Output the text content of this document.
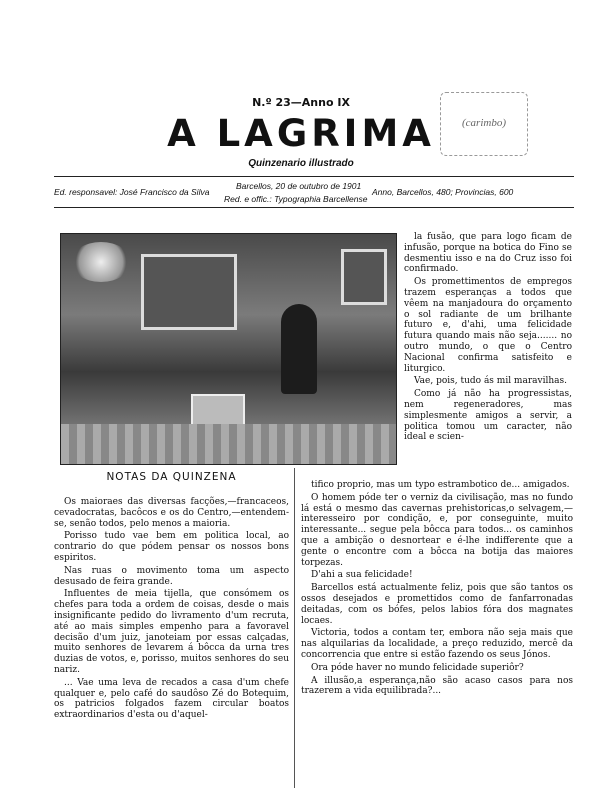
(carimbo)
N.º 23—Anno IX
A LAGRIMA
Quinzenario illustrado
Ed. responsavel: José Francisco da Silva
Barcellos, 20 de outubro de 1901
Red. e offic.: Typographia Barcellense
Anno, Barcellos, 480; Provincias, 600

la fusão, que para logo ficam de infusão, porque na botica do Fino se desmentiu isso e na do Cruz isso foi confirmado.

Os promettimentos de empregos trazem esperanças a todos que vêem na manjadoura do orçamento o sol radiante de um brilhante futuro e, d'ahi, uma felicidade futura quando mais não seja....... no outro mundo, o que o Centro Nacional confirma satisfeito e liturgico.

Vae, pois, tudo ás mil maravilhas.

Como já não ha progressistas, nem regeneradores, mas simplesmente amigos a servir, a politica tomou um caracter, não ideal e scien-

NOTAS DA QUINZENA

Os maioraes das diversas facções,—francaceos, cevadocratas, bacôcos e os do Centro,—entendem-se, senão todos, pelo menos a maioria.

Porisso tudo vae bem em politica local, ao contrario do que pódem pensar os nossos bons espiritos.

Nas ruas o movimento toma um aspecto desusado de feira grande.

Influentes de meia tijella, que consómem os chefes para toda a ordem de coisas, desde o mais insignificante pedido do livramento d'um recruta, até ao mais simples empenho para a favoravel decisão d'um juiz, janoteiam por essas calçadas, muito senhores de levarem á bôcca da urna tres duzias de votos, e, porisso, muitos senhores do seu nariz.

... Vae uma leva de recados a casa d'um chefe qualquer e, pelo café do saudôso Zé do Botequim, os patricios folgados fazem circular boatos extraordinarios d'esta ou d'aquel-

tifico proprio, mas um typo estrambotico de... amigados.

O homem póde ter o verniz da civilisação, mas no fundo lá está o mesmo das cavernas prehistoricas,o selvagem,—interesseiro por condição, e, por conseguinte, muito interessante... segue pela bôcca para todos... os caminhos que a ambição o desnortear e é-lhe indifferente que a gente o encontre com a bôcca na botija das maiores torpezas.

D'ahi a sua felicidade!

Barcellos está actualmente feliz, pois que são tantos os ossos desejados e promettidos como de fanfarronadas deitadas, com os bófes, pelos labios fóra dos magnates locaes.

Victoria, todos a contam ter, embora não seja mais que nas alquilarias da localidade, a preço reduzido, mercê da concorrencia que entre si estão fazendo os seus Jónos.

Ora póde haver no mundo felicidade superiôr?

A illusão,a esperança,não são acaso casos para nos trazerem a vida equilibrada?...
